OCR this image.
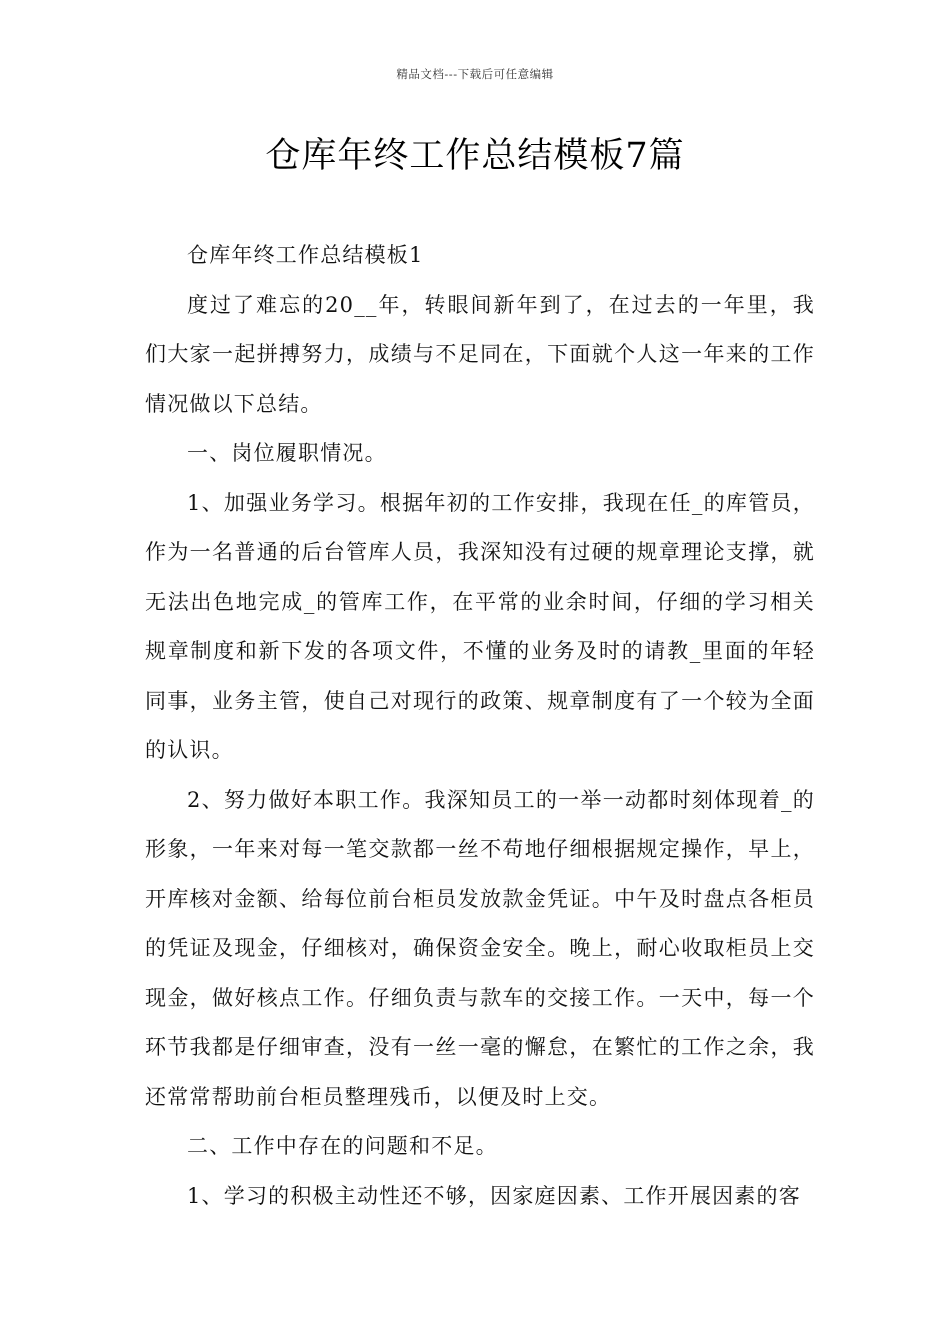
精品文档---下载后可任意编辑
仓库年终工作总结模板7篇

仓库年终工作总结模板1

度过了难忘的20__年，转眼间新年到了，在过去的一年里，我们大家一起拼搏努力，成绩与不足同在，下面就个人这一年来的工作情况做以下总结。

一、岗位履职情况。

1、加强业务学习。根据年初的工作安排，我现在任_的库管员，作为一名普通的后台管库人员，我深知没有过硬的规章理论支撑，就无法出色地完成_的管库工作，在平常的业余时间，仔细的学习相关规章制度和新下发的各项文件，不懂的业务及时的请教_里面的年轻同事，业务主管，使自己对现行的政策、规章制度有了一个较为全面的认识。

2、努力做好本职工作。我深知员工的一举一动都时刻体现着_的形象，一年来对每一笔交款都一丝不苟地仔细根据规定操作，早上，开库核对金额、给每位前台柜员发放款金凭证。中午及时盘点各柜员的凭证及现金，仔细核对，确保资金安全。晚上，耐心收取柜员上交现金，做好核点工作。仔细负责与款车的交接工作。一天中，每一个环节我都是仔细审查，没有一丝一毫的懈怠，在繁忙的工作之余，我还常常帮助前台柜员整理残币，以便及时上交。

二、工作中存在的问题和不足。

1、学习的积极主动性还不够，因家庭因素、工作开展因素的客
